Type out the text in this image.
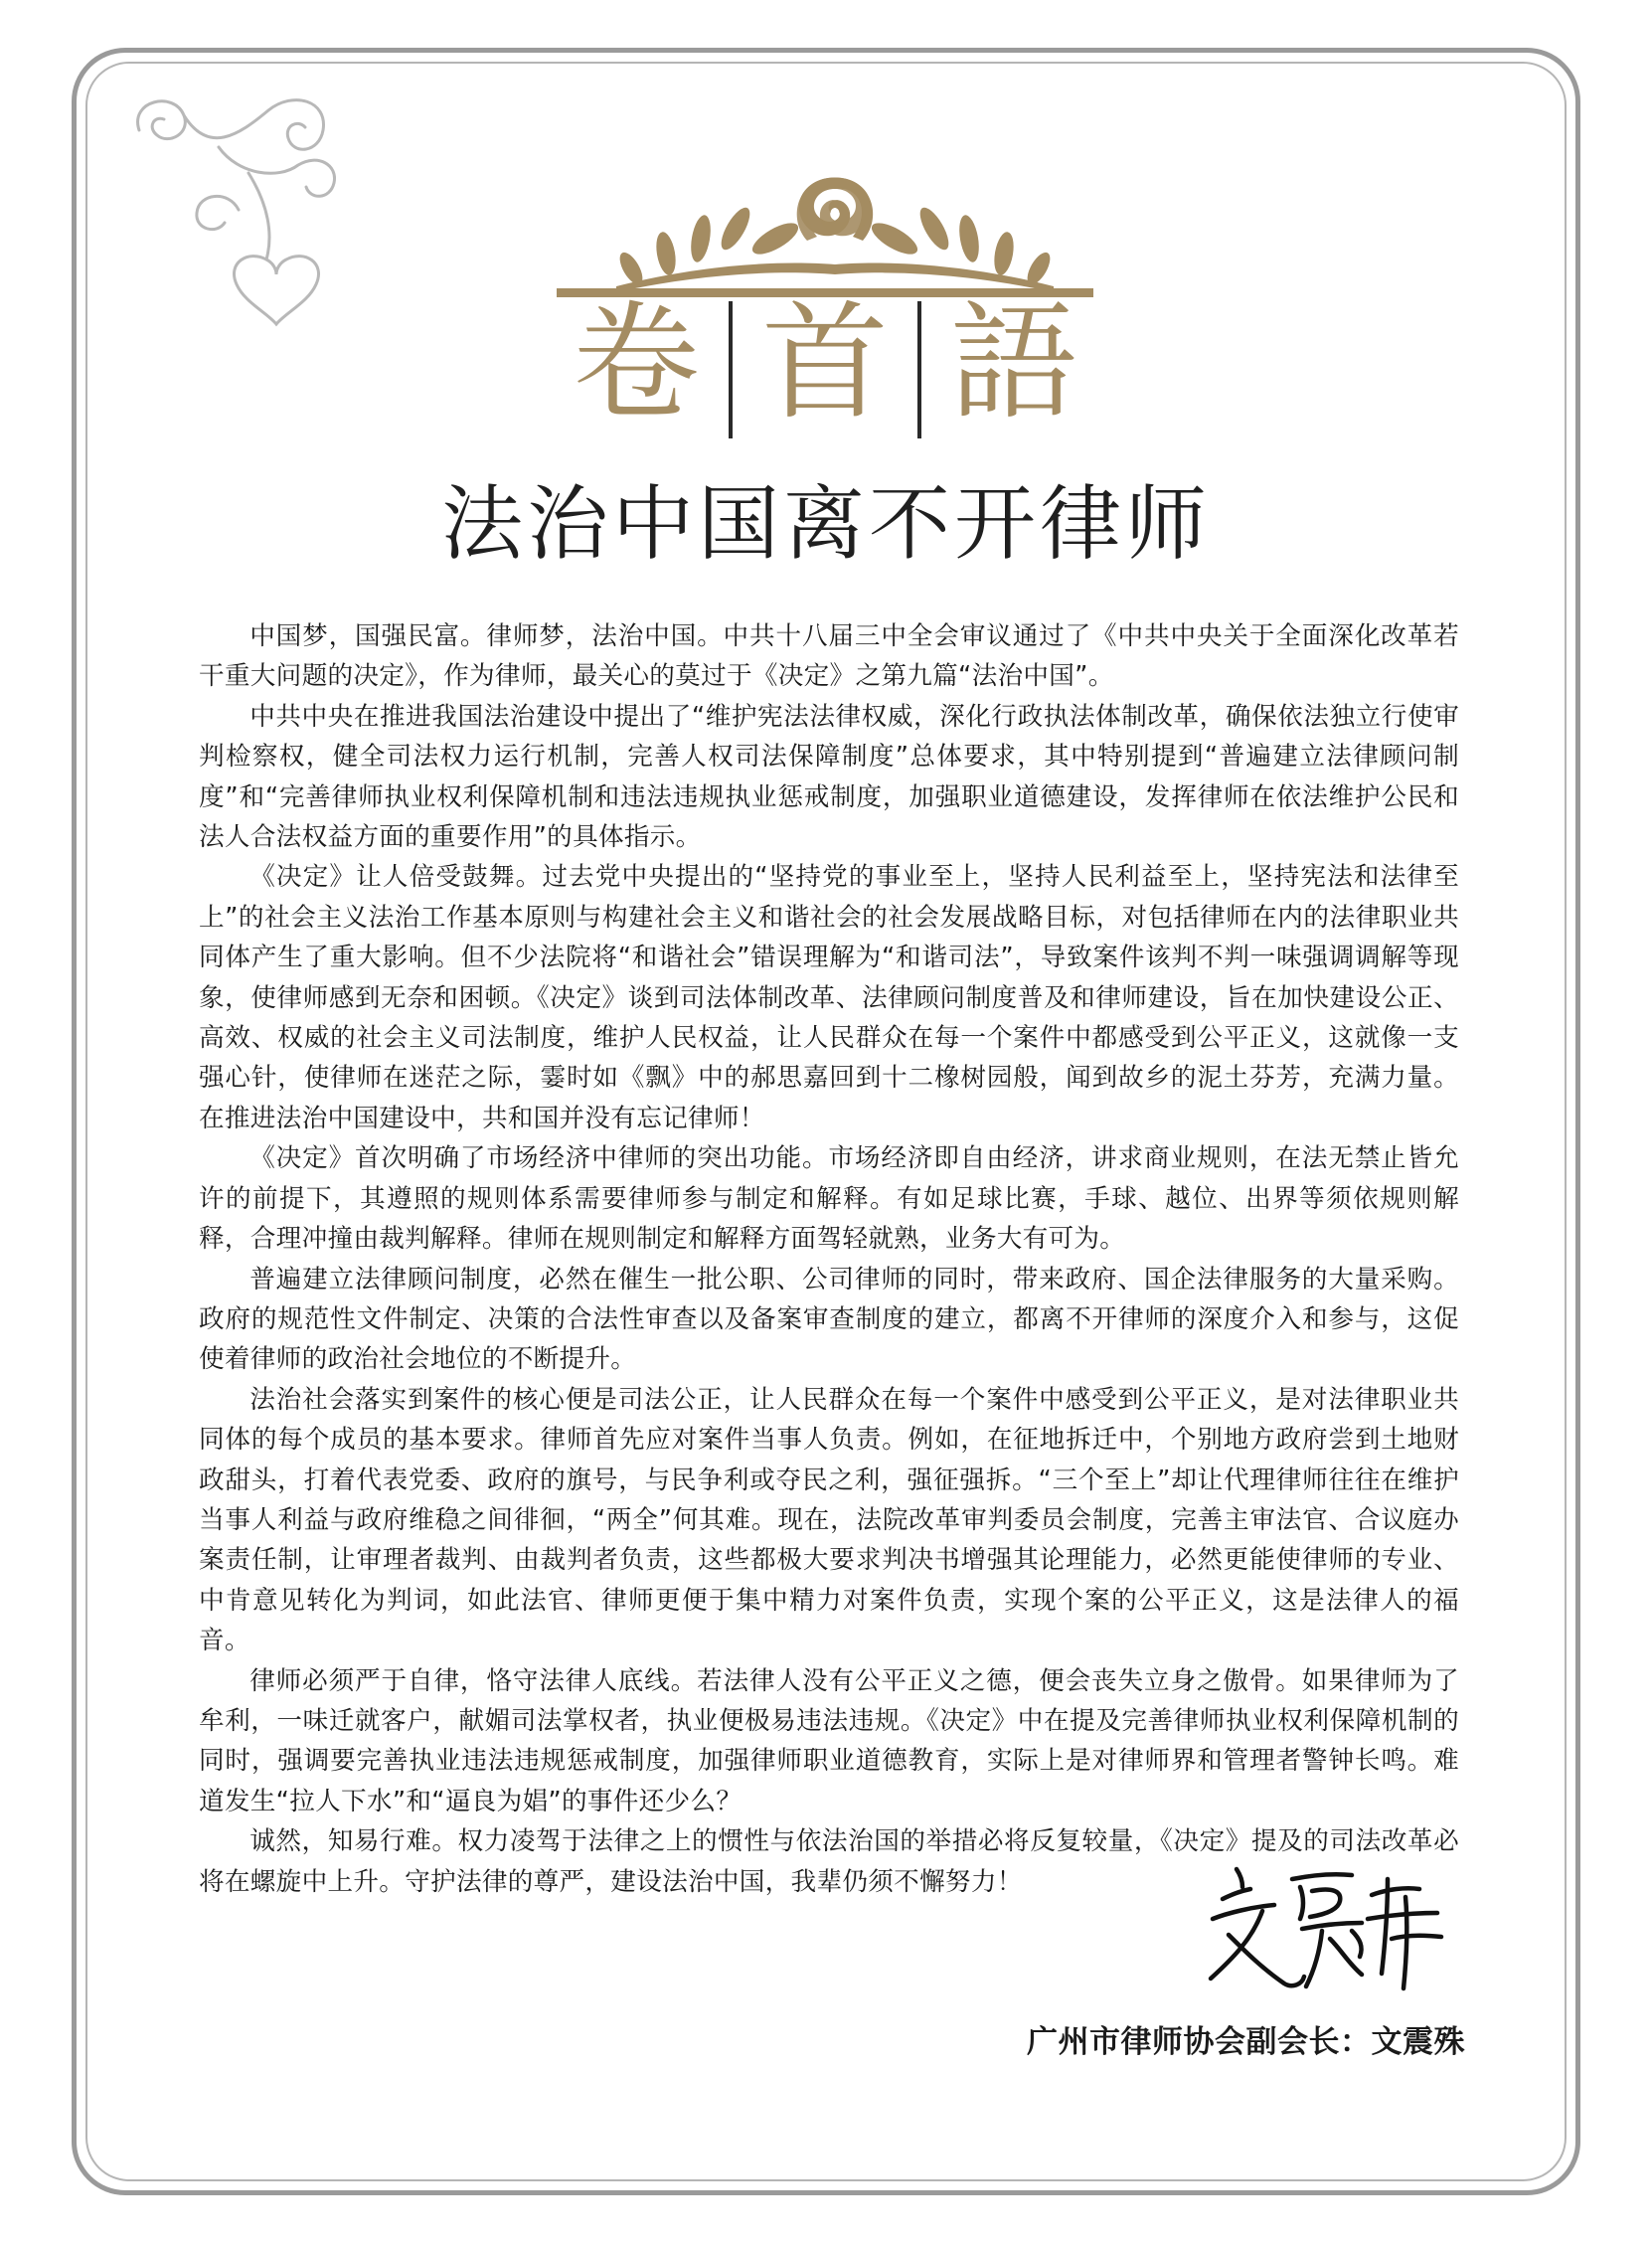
卷 首 語
法治中国离不开律师

中国梦，国强民富。律师梦，法治中国。中共十八届三中全会审议通过了《中共中央关于全面深化改革若干重大问题的决定》，作为律师，最关心的莫过于《决定》之第九篇“法治中国”。

中共中央在推进我国法治建设中提出了“维护宪法法律权威，深化行政执法体制改革，确保依法独立行使审判检察权，健全司法权力运行机制，完善人权司法保障制度”总体要求，其中特别提到“普遍建立法律顾问制度”和“完善律师执业权利保障机制和违法违规执业惩戒制度，加强职业道德建设，发挥律师在依法维护公民和法人合法权益方面的重要作用”的具体指示。

《决定》让人倍受鼓舞。过去党中央提出的“坚持党的事业至上，坚持人民利益至上，坚持宪法和法律至上”的社会主义法治工作基本原则与构建社会主义和谐社会的社会发展战略目标，对包括律师在内的法律职业共同体产生了重大影响。但不少法院将“和谐社会”错误理解为“和谐司法”，导致案件该判不判一味强调调解等现象，使律师感到无奈和困顿。《决定》谈到司法体制改革、法律顾问制度普及和律师建设，旨在加快建设公正、高效、权威的社会主义司法制度，维护人民权益，让人民群众在每一个案件中都感受到公平正义，这就像一支强心针，使律师在迷茫之际，霎时如《飘》中的郝思嘉回到十二橡树园般，闻到故乡的泥土芬芳，充满力量。在推进法治中国建设中，共和国并没有忘记律师！

《决定》首次明确了市场经济中律师的突出功能。市场经济即自由经济，讲求商业规则，在法无禁止皆允许的前提下，其遵照的规则体系需要律师参与制定和解释。有如足球比赛，手球、越位、出界等须依规则解释，合理冲撞由裁判解释。律师在规则制定和解释方面驾轻就熟，业务大有可为。

普遍建立法律顾问制度，必然在催生一批公职、公司律师的同时，带来政府、国企法律服务的大量采购。政府的规范性文件制定、决策的合法性审查以及备案审查制度的建立，都离不开律师的深度介入和参与，这促使着律师的政治社会地位的不断提升。

法治社会落实到案件的核心便是司法公正，让人民群众在每一个案件中感受到公平正义，是对法律职业共同体的每个成员的基本要求。律师首先应对案件当事人负责。例如，在征地拆迁中，个别地方政府尝到土地财政甜头，打着代表党委、政府的旗号，与民争利或夺民之利，强征强拆。“三个至上”却让代理律师往往在维护当事人利益与政府维稳之间徘徊，“两全”何其难。现在，法院改革审判委员会制度，完善主审法官、合议庭办案责任制，让审理者裁判、由裁判者负责，这些都极大要求判决书增强其论理能力，必然更能使律师的专业、中肯意见转化为判词，如此法官、律师更便于集中精力对案件负责，实现个案的公平正义，这是法律人的福音。

律师必须严于自律，恪守法律人底线。若法律人没有公平正义之德，便会丧失立身之傲骨。如果律师为了牟利，一味迁就客户，献媚司法掌权者，执业便极易违法违规。《决定》中在提及完善律师执业权利保障机制的同时，强调要完善执业违法违规惩戒制度，加强律师职业道德教育，实际上是对律师界和管理者警钟长鸣。难道发生“拉人下水”和“逼良为娼”的事件还少么？

诚然，知易行难。权力凌驾于法律之上的惯性与依法治国的举措必将反复较量，《决定》提及的司法改革必将在螺旋中上升。守护法律的尊严，建设法治中国，我辈仍须不懈努力！

广州市律师协会副会长：文震殊
